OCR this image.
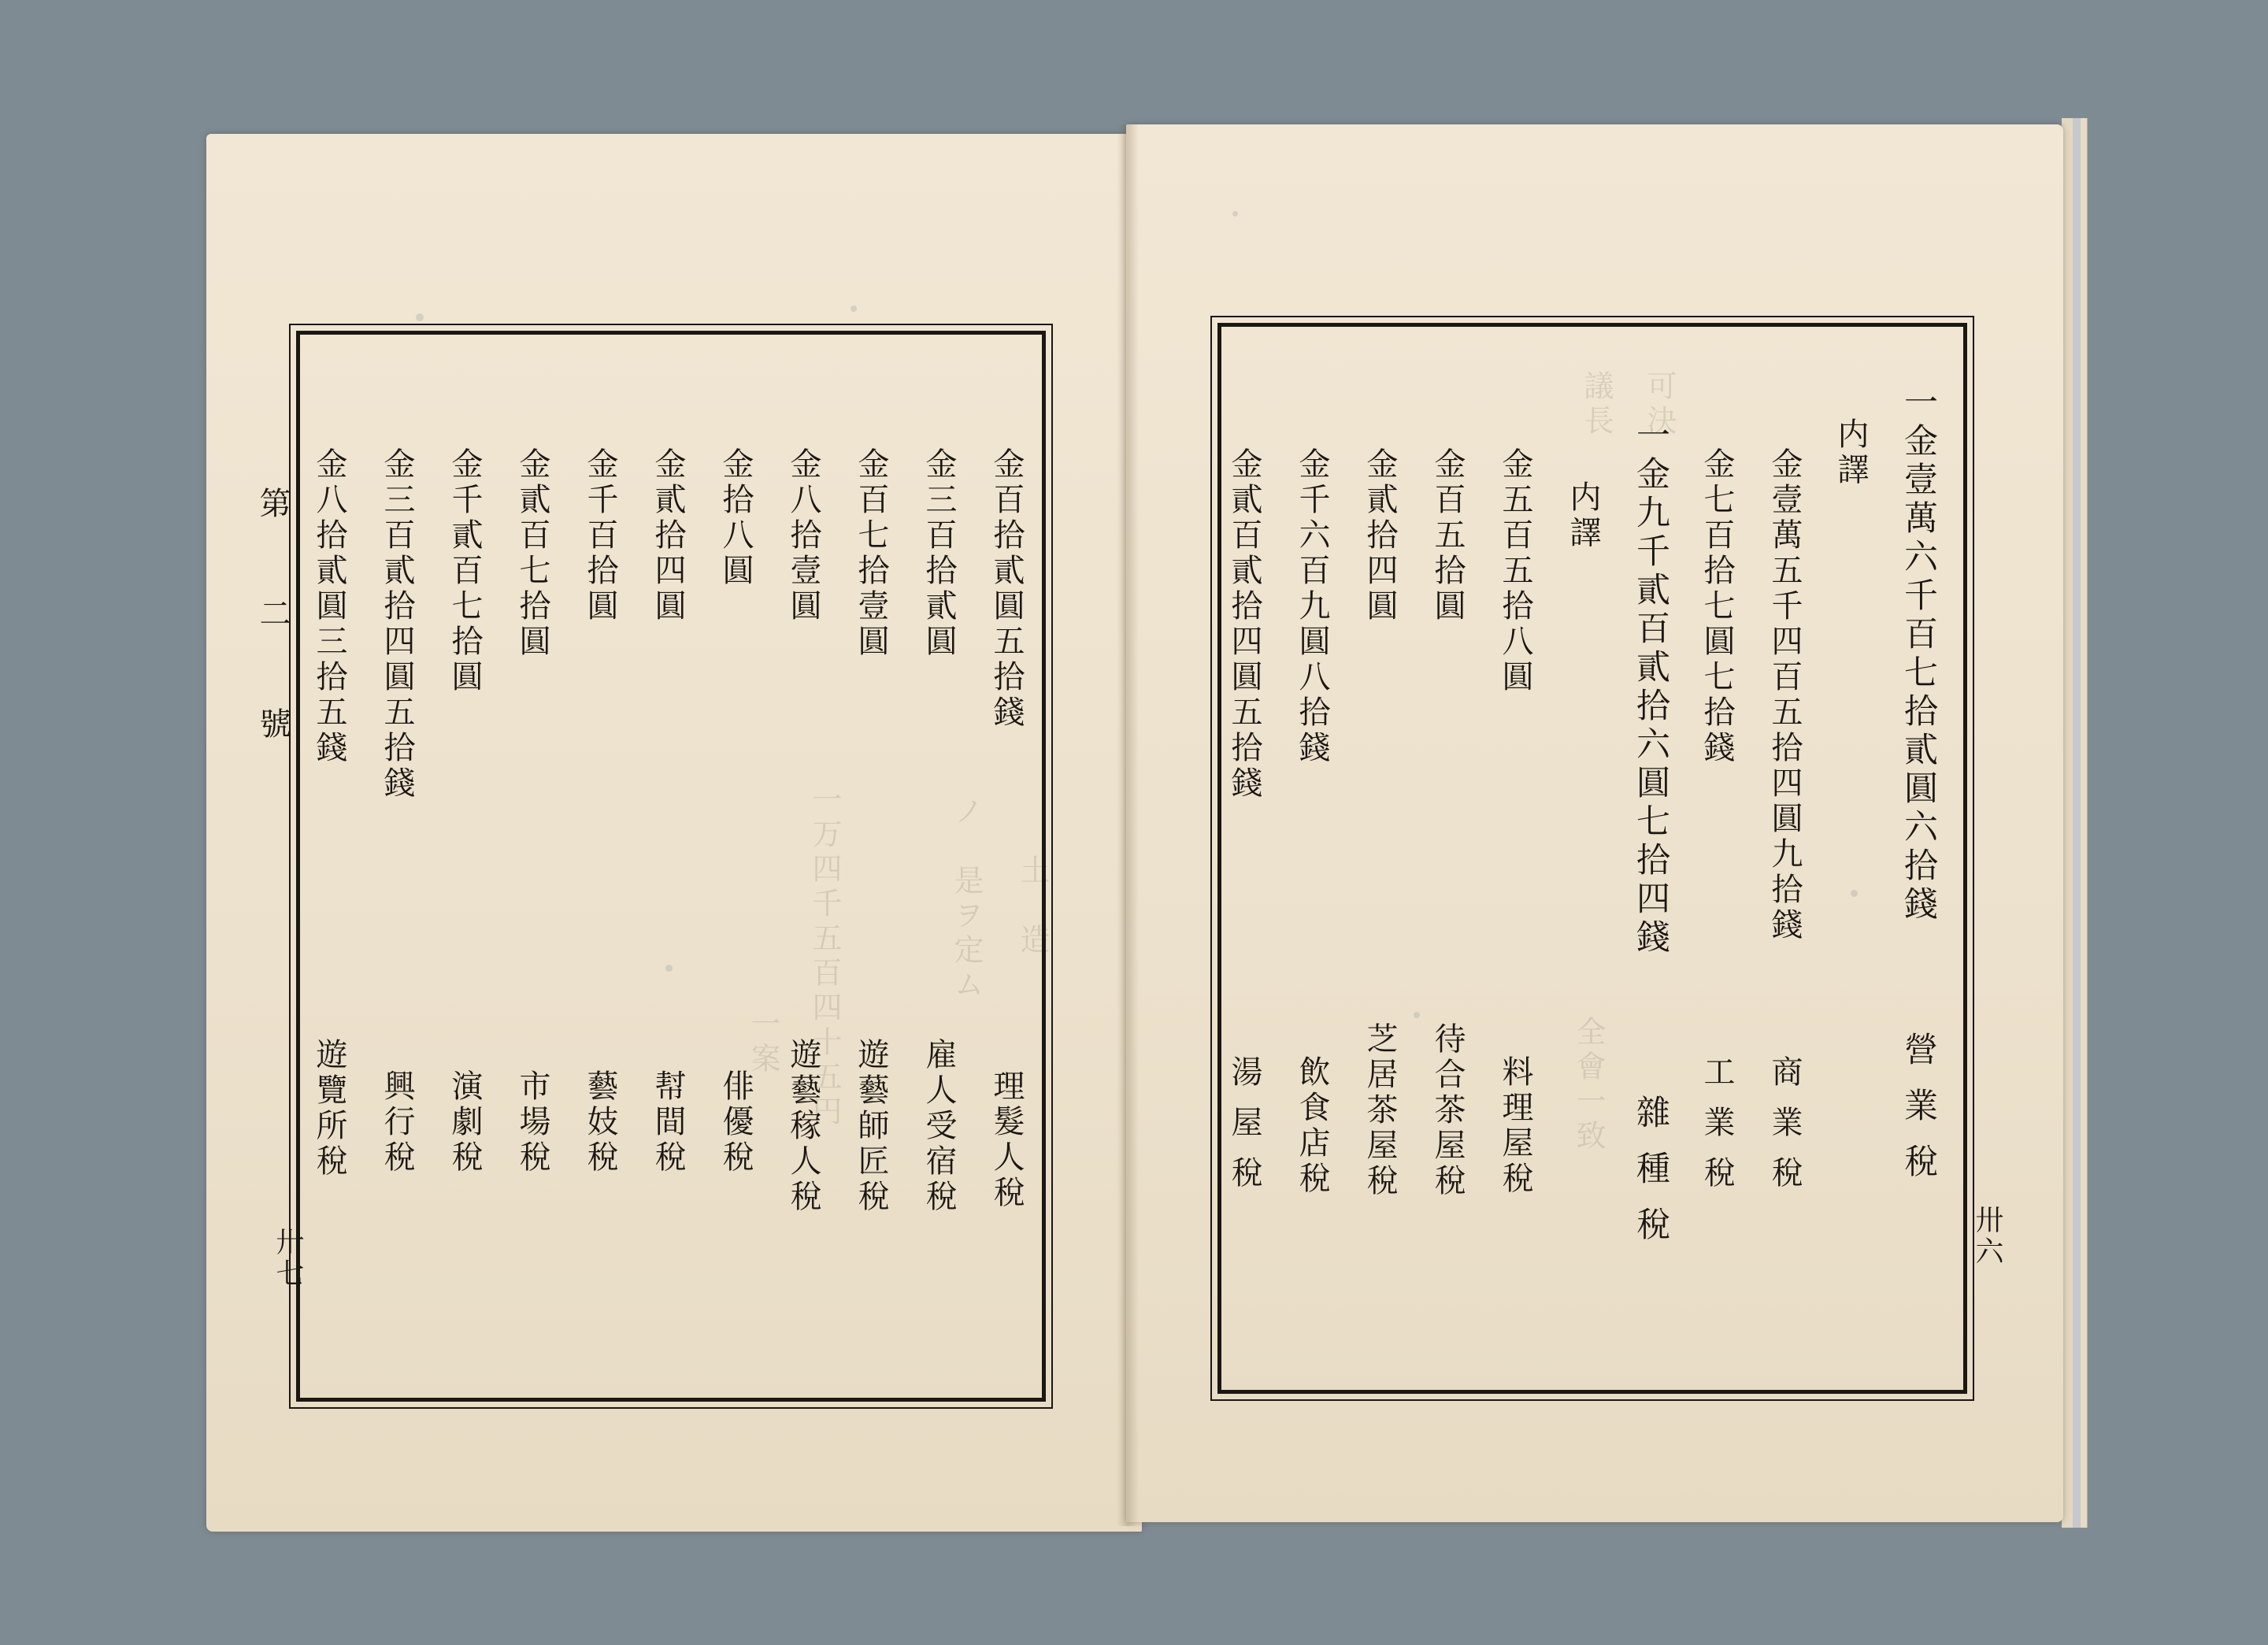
土　造
ノ　是ヲ定ム
一万四千五百四十五円
一案
議長 可決
全會一致
第　二　號
卅七
金百拾貳圓五拾錢
理髮人稅
金三百拾貳圓
雇人受宿稅
金百七拾壹圓
遊藝師匠稅
金八拾壹圓
遊藝稼人稅
金拾八圓
俳優稅
金貳拾四圓
幇間稅
金千百拾圓
藝妓稅
金貳百七拾圓
市場稅
金千貳百七拾圓
演劇稅
金三百貳拾四圓五拾錢
興行稅
金八拾貳圓三拾五錢
遊覽所稅
卅六
一金壹萬六千百七拾貳圓六拾錢
營業稅
内譯
金壹萬五千四百五拾四圓九拾錢
商業稅
金七百拾七圓七拾錢
工業稅
一金九千貳百貳拾六圓七拾四錢
雜種稅
内譯
金五百五拾八圓
料理屋稅
金百五拾圓
待合茶屋稅
金貳拾四圓
芝居茶屋稅
金千六百九圓八拾錢
飲食店稅
金貳百貳拾四圓五拾錢
湯屋稅
